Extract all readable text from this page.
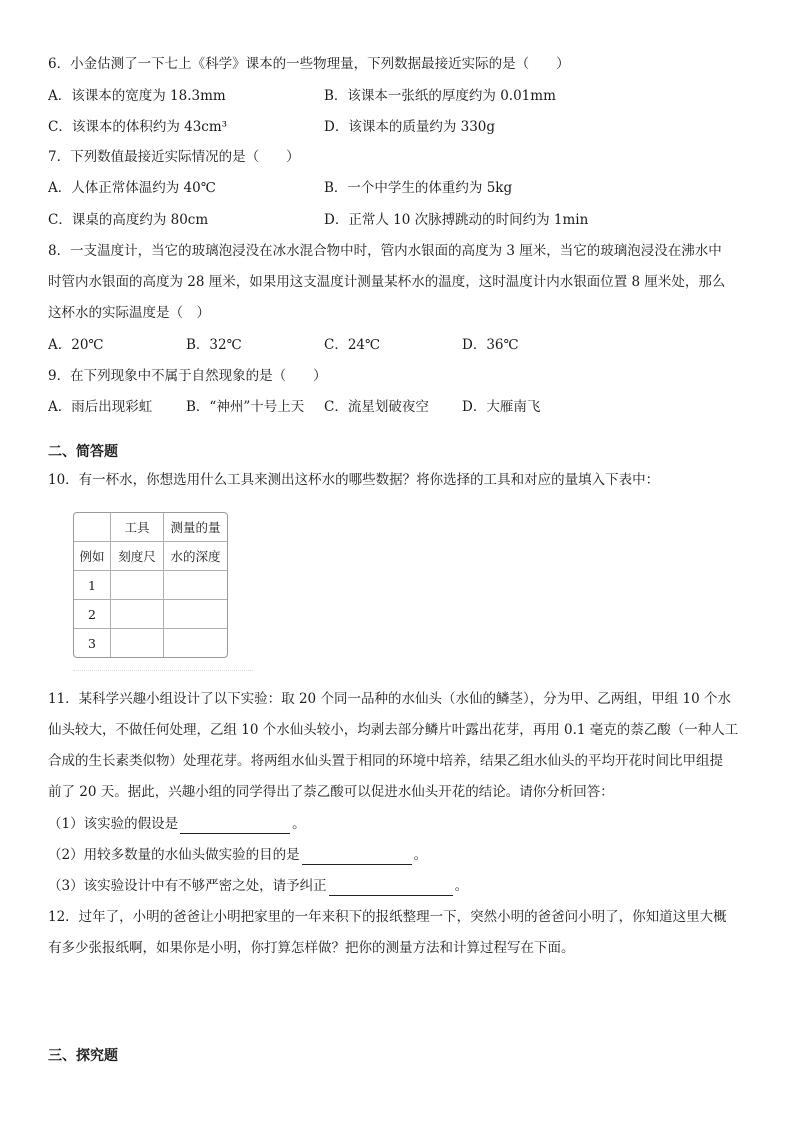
6．小金估测了一下七上《科学》课本的一些物理量，下列数据最接近实际的是（　　）
A．该课本的宽度为 18.3mm	B．该课本一张纸的厚度约为 0.01mm
C．该课本的体积约为 43cm³	D．该课本的质量约为 330g
7．下列数值最接近实际情况的是（　　）
A．人体正常体温约为 40℃	B．一个中学生的体重约为 5kg
C．课桌的高度约为 80cm	D．正常人 10 次脉搏跳动的时间约为 1min
8．一支温度计，当它的玻璃泡浸没在冰水混合物中时，管内水银面的高度为 3 厘米，当它的玻璃泡浸没在沸水中
时管内水银面的高度为 28 厘米，如果用这支温度计测量某杯水的温度，这时温度计内水银面位置 8 厘米处，那么
这杯水的实际温度是（　）
A．20℃	B．32℃	C．24℃	D．36℃
9．在下列现象中不属于自然现象的是（　　）
A．雨后出现彩虹	B．“神州”十号上天 C．流星划破夜空 D．大雁南飞
二、简答题
10．有一杯水，你想选用什么工具来测出这杯水的哪些数据？将你选择的工具和对应的量填入下表中：
	工具	测量的量
例如	刻度尺	水的深度
1		
2		
3		
11．某科学兴趣小组设计了以下实验：取 20 个同一品种的水仙头（水仙的鳞茎），分为甲、乙两组，甲组 10 个水
仙头较大，不做任何处理，乙组 10 个水仙头较小，均剥去部分鳞片叶露出花芽，再用 0.1 毫克的萘乙酸（一种人工
合成的生长素类似物）处理花芽。将两组水仙头置于相同的环境中培养，结果乙组水仙头的平均开花时间比甲组提
前了 20 天。据此，兴趣小组的同学得出了萘乙酸可以促进水仙头开花的结论。请你分析回答：
（1）该实验的假设是	。
（2）用较多数量的水仙头做实验的目的是	。
（3）该实验设计中有不够严密之处，请予纠正	。
12．过年了，小明的爸爸让小明把家里的一年来积下的报纸整理一下，突然小明的爸爸问小明了，你知道这里大概
有多少张报纸啊，如果你是小明，你打算怎样做？把你的测量方法和计算过程写在下面。
三、探究题
